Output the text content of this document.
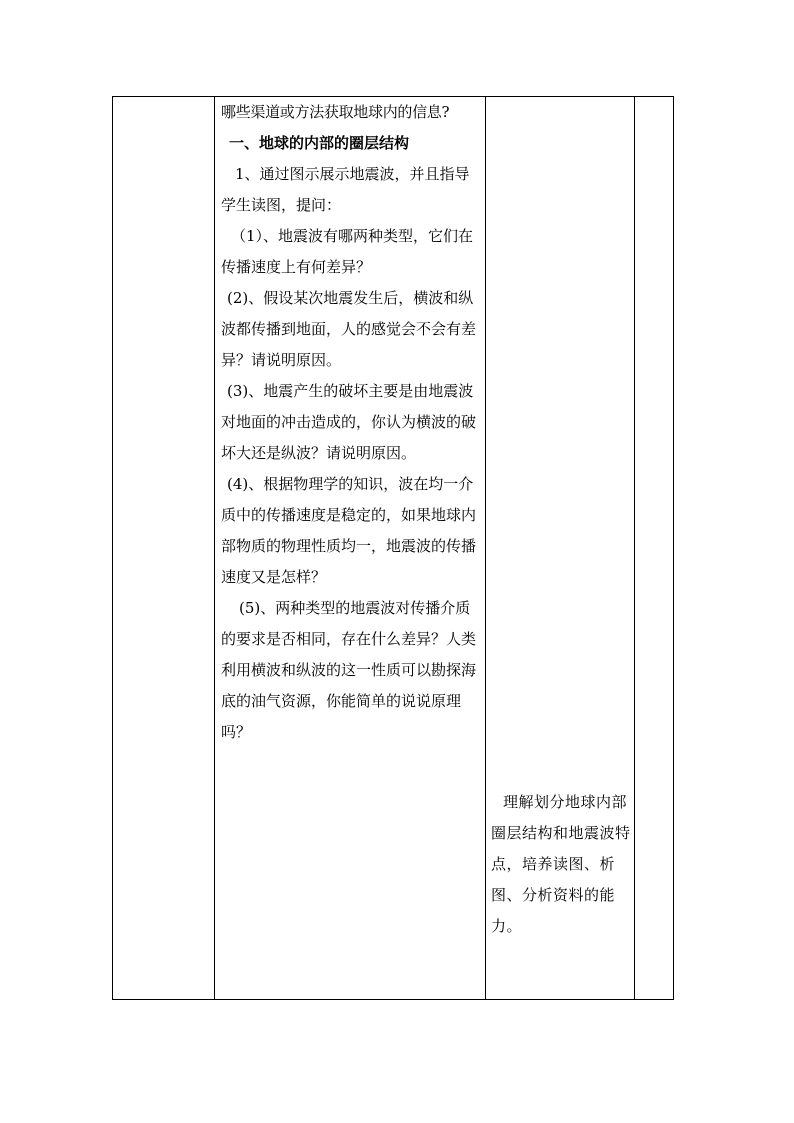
哪些渠道或方法获取地球内的信息?

一、地球的内部的圈层结构

1、通过图示展示地震波，并且指导学生读图，提问：

（1）、地震波有哪两种类型，它们在传播速度上有何差异？

(2)、假设某次地震发生后，横波和纵波都传播到地面，人的感觉会不会有差异？请说明原因。

(3)、地震产生的破坏主要是由地震波对地面的冲击造成的，你认为横波的破坏大还是纵波？请说明原因。

(4)、根据物理学的知识，波在均一介质中的传播速度是稳定的，如果地球内部物质的物理性质均一，地震波的传播速度又是怎样？

(5)、两种类型的地震波对传播介质的要求是否相同，存在什么差异？人类利用横波和纵波的这一性质可以勘探海底的油气资源，你能简单的说说原理吗？

理解划分地球内部圈层结构和地震波特点，培养读图、析图、分析资料的能力。
